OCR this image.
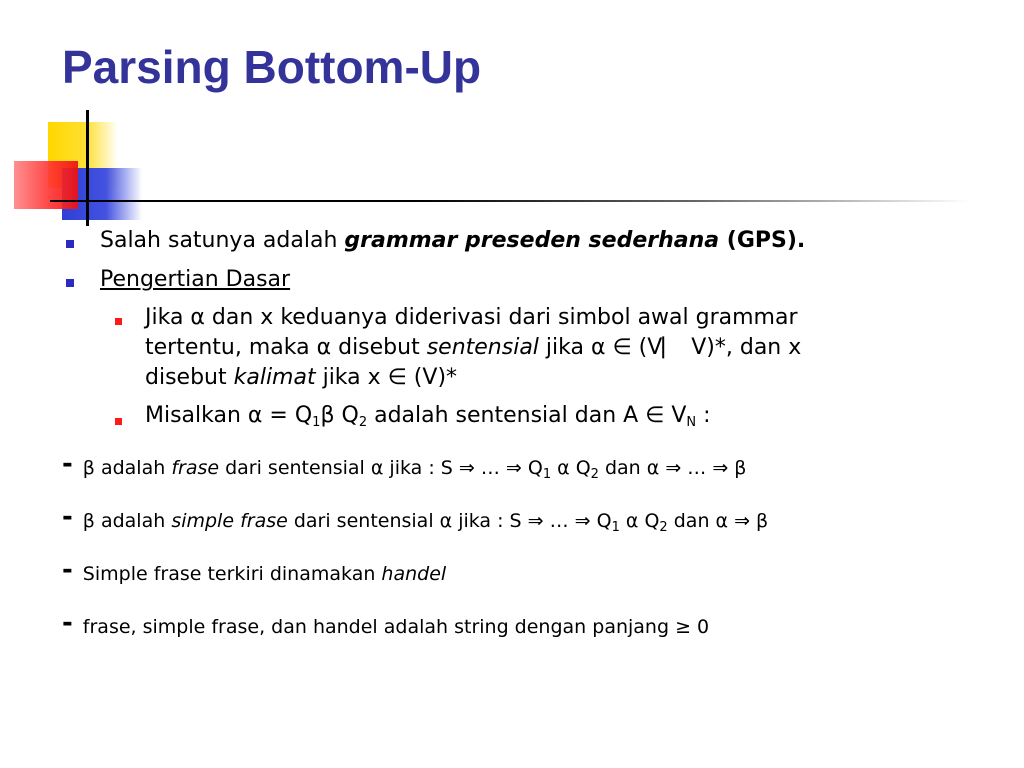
Parsing Bottom-Up
Salah satunya adalah grammar preseden sederhana (GPS).
Pengertian Dasar
Jika α dan x keduanya diderivasi dari simbol awal grammar
tertentu, maka α disebut sentensial jika α ∈ (V⎸ V)*, dan x
disebut kalimat jika x ∈ (V)*
Misalkan $\alpha = Q_1\beta$ $Q_2$ adalah sentensial dan A ∈ $V_N$ :
- β adalah frase dari sentensial α jika : S ⇒ … ⇒ $Q_1$ α $Q_2$ dan α ⇒ … ⇒ β
- β adalah simple frase dari sentensial α jika : S ⇒ … ⇒ $Q_1$ α $Q_2$ dan α ⇒ β
- Simple frase terkiri dinamakan handel
- frase, simple frase, dan handel adalah string dengan panjang ≥ 0
